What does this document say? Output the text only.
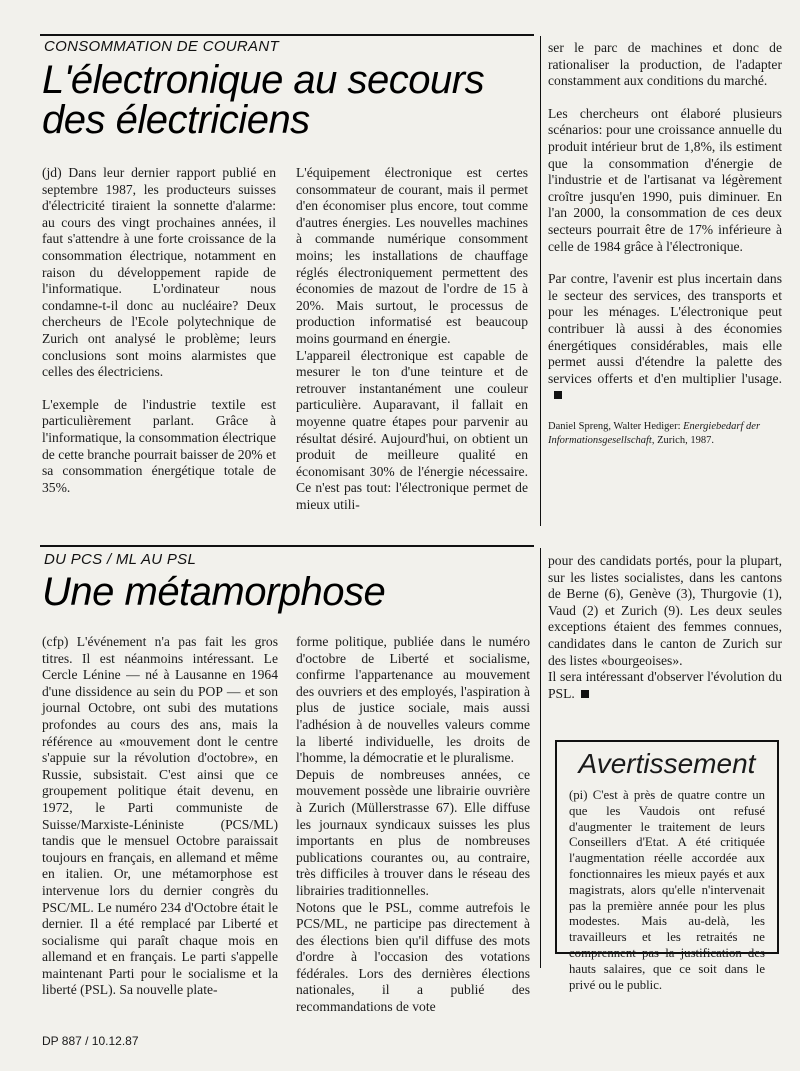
CONSOMMATION DE COURANT
L'électronique au secours
des électriciens

(jd) Dans leur dernier rapport publié en septembre 1987, les producteurs suisses d'électricité tiraient la sonnette d'alarme: au cours des vingt prochaines années, il faut s'attendre à une forte croissance de la consommation électrique, notamment en raison du développement rapide de l'informatique. L'ordinateur nous condamne-t-il donc au nucléaire? Deux chercheurs de l'Ecole polytechnique de Zurich ont analysé le problème; leurs conclusions sont moins alarmistes que celles des électriciens.

L'exemple de l'industrie textile est particulièrement parlant. Grâce à l'informatique, la consommation électrique de cette branche pourrait baisser de 20% et sa consommation énergétique totale de 35%.

L'équipement électronique est certes consommateur de courant, mais il permet d'en économiser plus encore, tout comme d'autres énergies. Les nouvelles machines à commande numérique consomment moins; les installations de chauffage réglés électroniquement permettent des économies de mazout de l'ordre de 15 à 20%. Mais surtout, le processus de production informatisé est beaucoup moins gourmand en énergie.

L'appareil électronique est capable de mesurer le ton d'une teinture et de retrouver instantanément une couleur particulière. Auparavant, il fallait en moyenne quatre étapes pour parvenir au résultat désiré. Aujourd'hui, on obtient un produit de meilleure qualité en économisant 30% de l'énergie nécessaire. Ce n'est pas tout: l'électronique permet de mieux utili-

ser le parc de machines et donc de rationaliser la production, de l'adapter constamment aux conditions du marché.

Les chercheurs ont élaboré plusieurs scénarios: pour une croissance annuelle du produit intérieur brut de 1,8%, ils estiment que la consommation d'énergie de l'industrie et de l'artisanat va légèrement croître jusqu'en 1990, puis diminuer. En l'an 2000, la consommation de ces deux secteurs pourrait être de 17% inférieure à celle de 1984 grâce à l'électronique.

Par contre, l'avenir est plus incertain dans le secteur des services, des transports et pour les ménages. L'électronique peut contribuer là aussi à des économies énergétiques considérables, mais elle permet aussi d'étendre la palette des services offerts et d'en multiplier l'usage.

Daniel Spreng, Walter Hediger: Energiebedarf der Informationsgesellschaft, Zurich, 1987.

DU PCS / ML AU PSL
Une métamorphose

(cfp) L'événement n'a pas fait les gros titres. Il est néanmoins intéressant. Le Cercle Lénine — né à Lausanne en 1964 d'une dissidence au sein du POP — et son journal Octobre, ont subi des mutations profondes au cours des ans, mais la référence au «mouvement dont le centre s'appuie sur la révolution d'octobre», en Russie, subsistait. C'est ainsi que ce groupement politique était devenu, en 1972, le Parti communiste de Suisse/Marxiste-Léniniste (PCS/ML) tandis que le mensuel Octobre paraissait toujours en français, en allemand et même en italien. Or, une métamorphose est intervenue lors du dernier congrès du PSC/ML. Le numéro 234 d'Octobre était le dernier. Il a été remplacé par Liberté et socialisme qui paraît chaque mois en allemand et en français. Le parti s'appelle maintenant Parti pour le socialisme et la liberté (PSL). Sa nouvelle plate-

forme politique, publiée dans le numéro d'octobre de Liberté et socialisme, confirme l'appartenance au mouvement des ouvriers et des employés, l'aspiration à plus de justice sociale, mais aussi l'adhésion à de nouvelles valeurs comme la liberté individuelle, les droits de l'homme, la démocratie et le pluralisme.

Depuis de nombreuses années, ce mouvement possède une librairie ouvrière à Zurich (Müllerstrasse 67). Elle diffuse les journaux syndicaux suisses les plus importants en plus de nombreuses publications courantes ou, au contraire, très difficiles à trouver dans le réseau des librairies traditionnelles.

Notons que le PSL, comme autrefois le PCS/ML, ne participe pas directement à des élections bien qu'il diffuse des mots d'ordre à l'occasion des votations fédérales. Lors des dernières élections nationales, il a publié des recommandations de vote

pour des candidats portés, pour la plupart, sur les listes socialistes, dans les cantons de Berne (6), Genève (3), Thurgovie (1), Vaud (2) et Zurich (9). Les deux seules exceptions étaient des femmes connues, candidates dans le canton de Zurich sur des listes «bourgeoises».

Il sera intéressant d'observer l'évolution du PSL.

Avertissement
(pi) C'est à près de quatre contre un que les Vaudois ont refusé d'augmenter le traitement de leurs Conseillers d'Etat. A été critiquée l'augmentation réelle accordée aux fonctionnaires les mieux payés et aux magistrats, alors qu'elle n'intervenait pas la première année pour les plus modestes. Mais au-delà, les travailleurs et les retraités ne comprennent pas la justification des hauts salaires, que ce soit dans le privé ou le public.
DP 887 / 10.12.87
